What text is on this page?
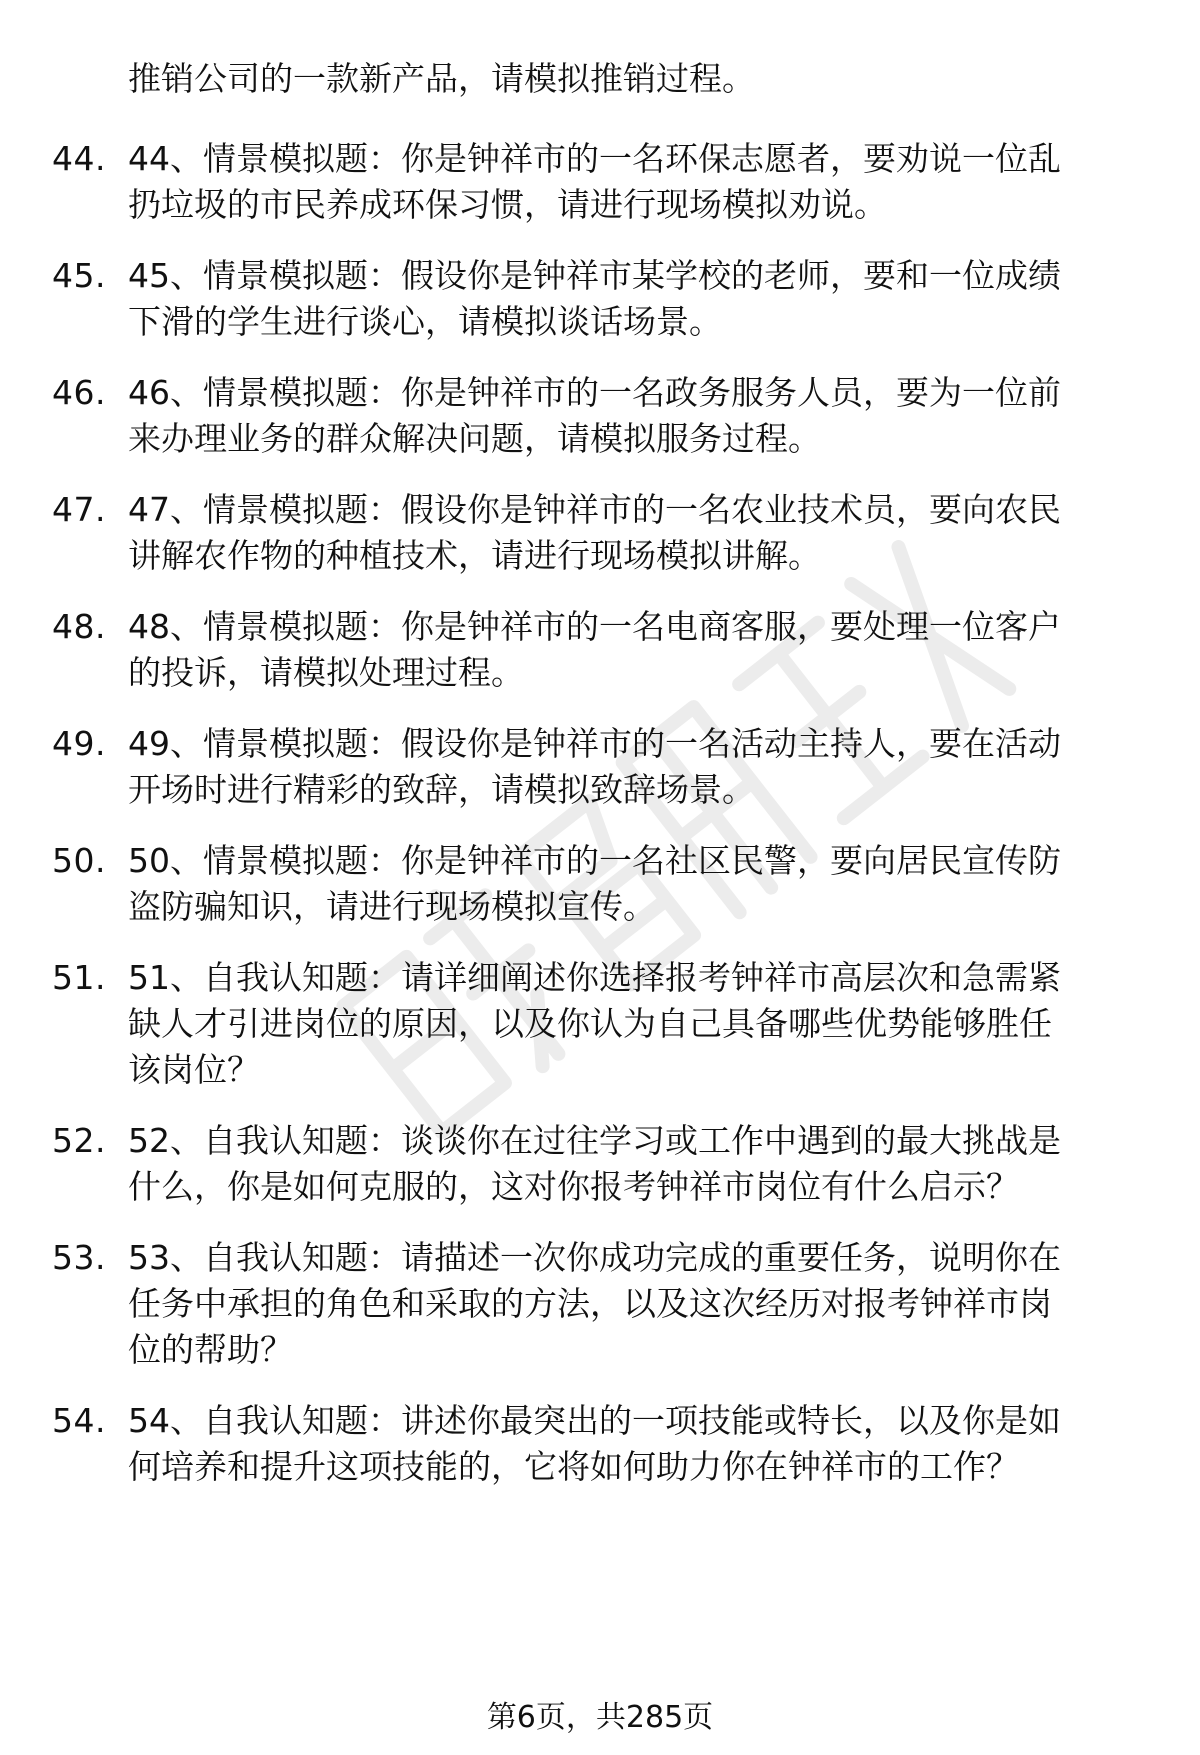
推销公司的一款新产品，请模拟推销过程。
44. 44、情景模拟题：你是钟祥市的一名环保志愿者，要劝说一位乱
扔垃圾的市民养成环保习惯，请进行现场模拟劝说。
45. 45、情景模拟题：假设你是钟祥市某学校的老师，要和一位成绩
下滑的学生进行谈心，请模拟谈话场景。
46. 46、情景模拟题：你是钟祥市的一名政务服务人员，要为一位前
来办理业务的群众解决问题，请模拟服务过程。
47. 47、情景模拟题：假设你是钟祥市的一名农业技术员，要向农民
讲解农作物的种植技术，请进行现场模拟讲解。
48. 48、情景模拟题：你是钟祥市的一名电商客服，要处理一位客户
的投诉，请模拟处理过程。
49. 49、情景模拟题：假设你是钟祥市的一名活动主持人，要在活动
开场时进行精彩的致辞，请模拟致辞场景。
50. 50、情景模拟题：你是钟祥市的一名社区民警，要向居民宣传防
盗防骗知识，请进行现场模拟宣传。
51. 51、自我认知题：请详细阐述你选择报考钟祥市高层次和急需紧
缺人才引进岗位的原因，以及你认为自己具备哪些优势能够胜任
该岗位？
52. 52、自我认知题：谈谈你在过往学习或工作中遇到的最大挑战是
什么，你是如何克服的，这对你报考钟祥市岗位有什么启示？
53. 53、自我认知题：请描述一次你成功完成的重要任务，说明你在
任务中承担的角色和采取的方法，以及这次经历对报考钟祥市岗
位的帮助？
54. 54、自我认知题：讲述你最突出的一项技能或特长，以及你是如
何培养和提升这项技能的，它将如何助力你在钟祥市的工作？
第6页，共285页
